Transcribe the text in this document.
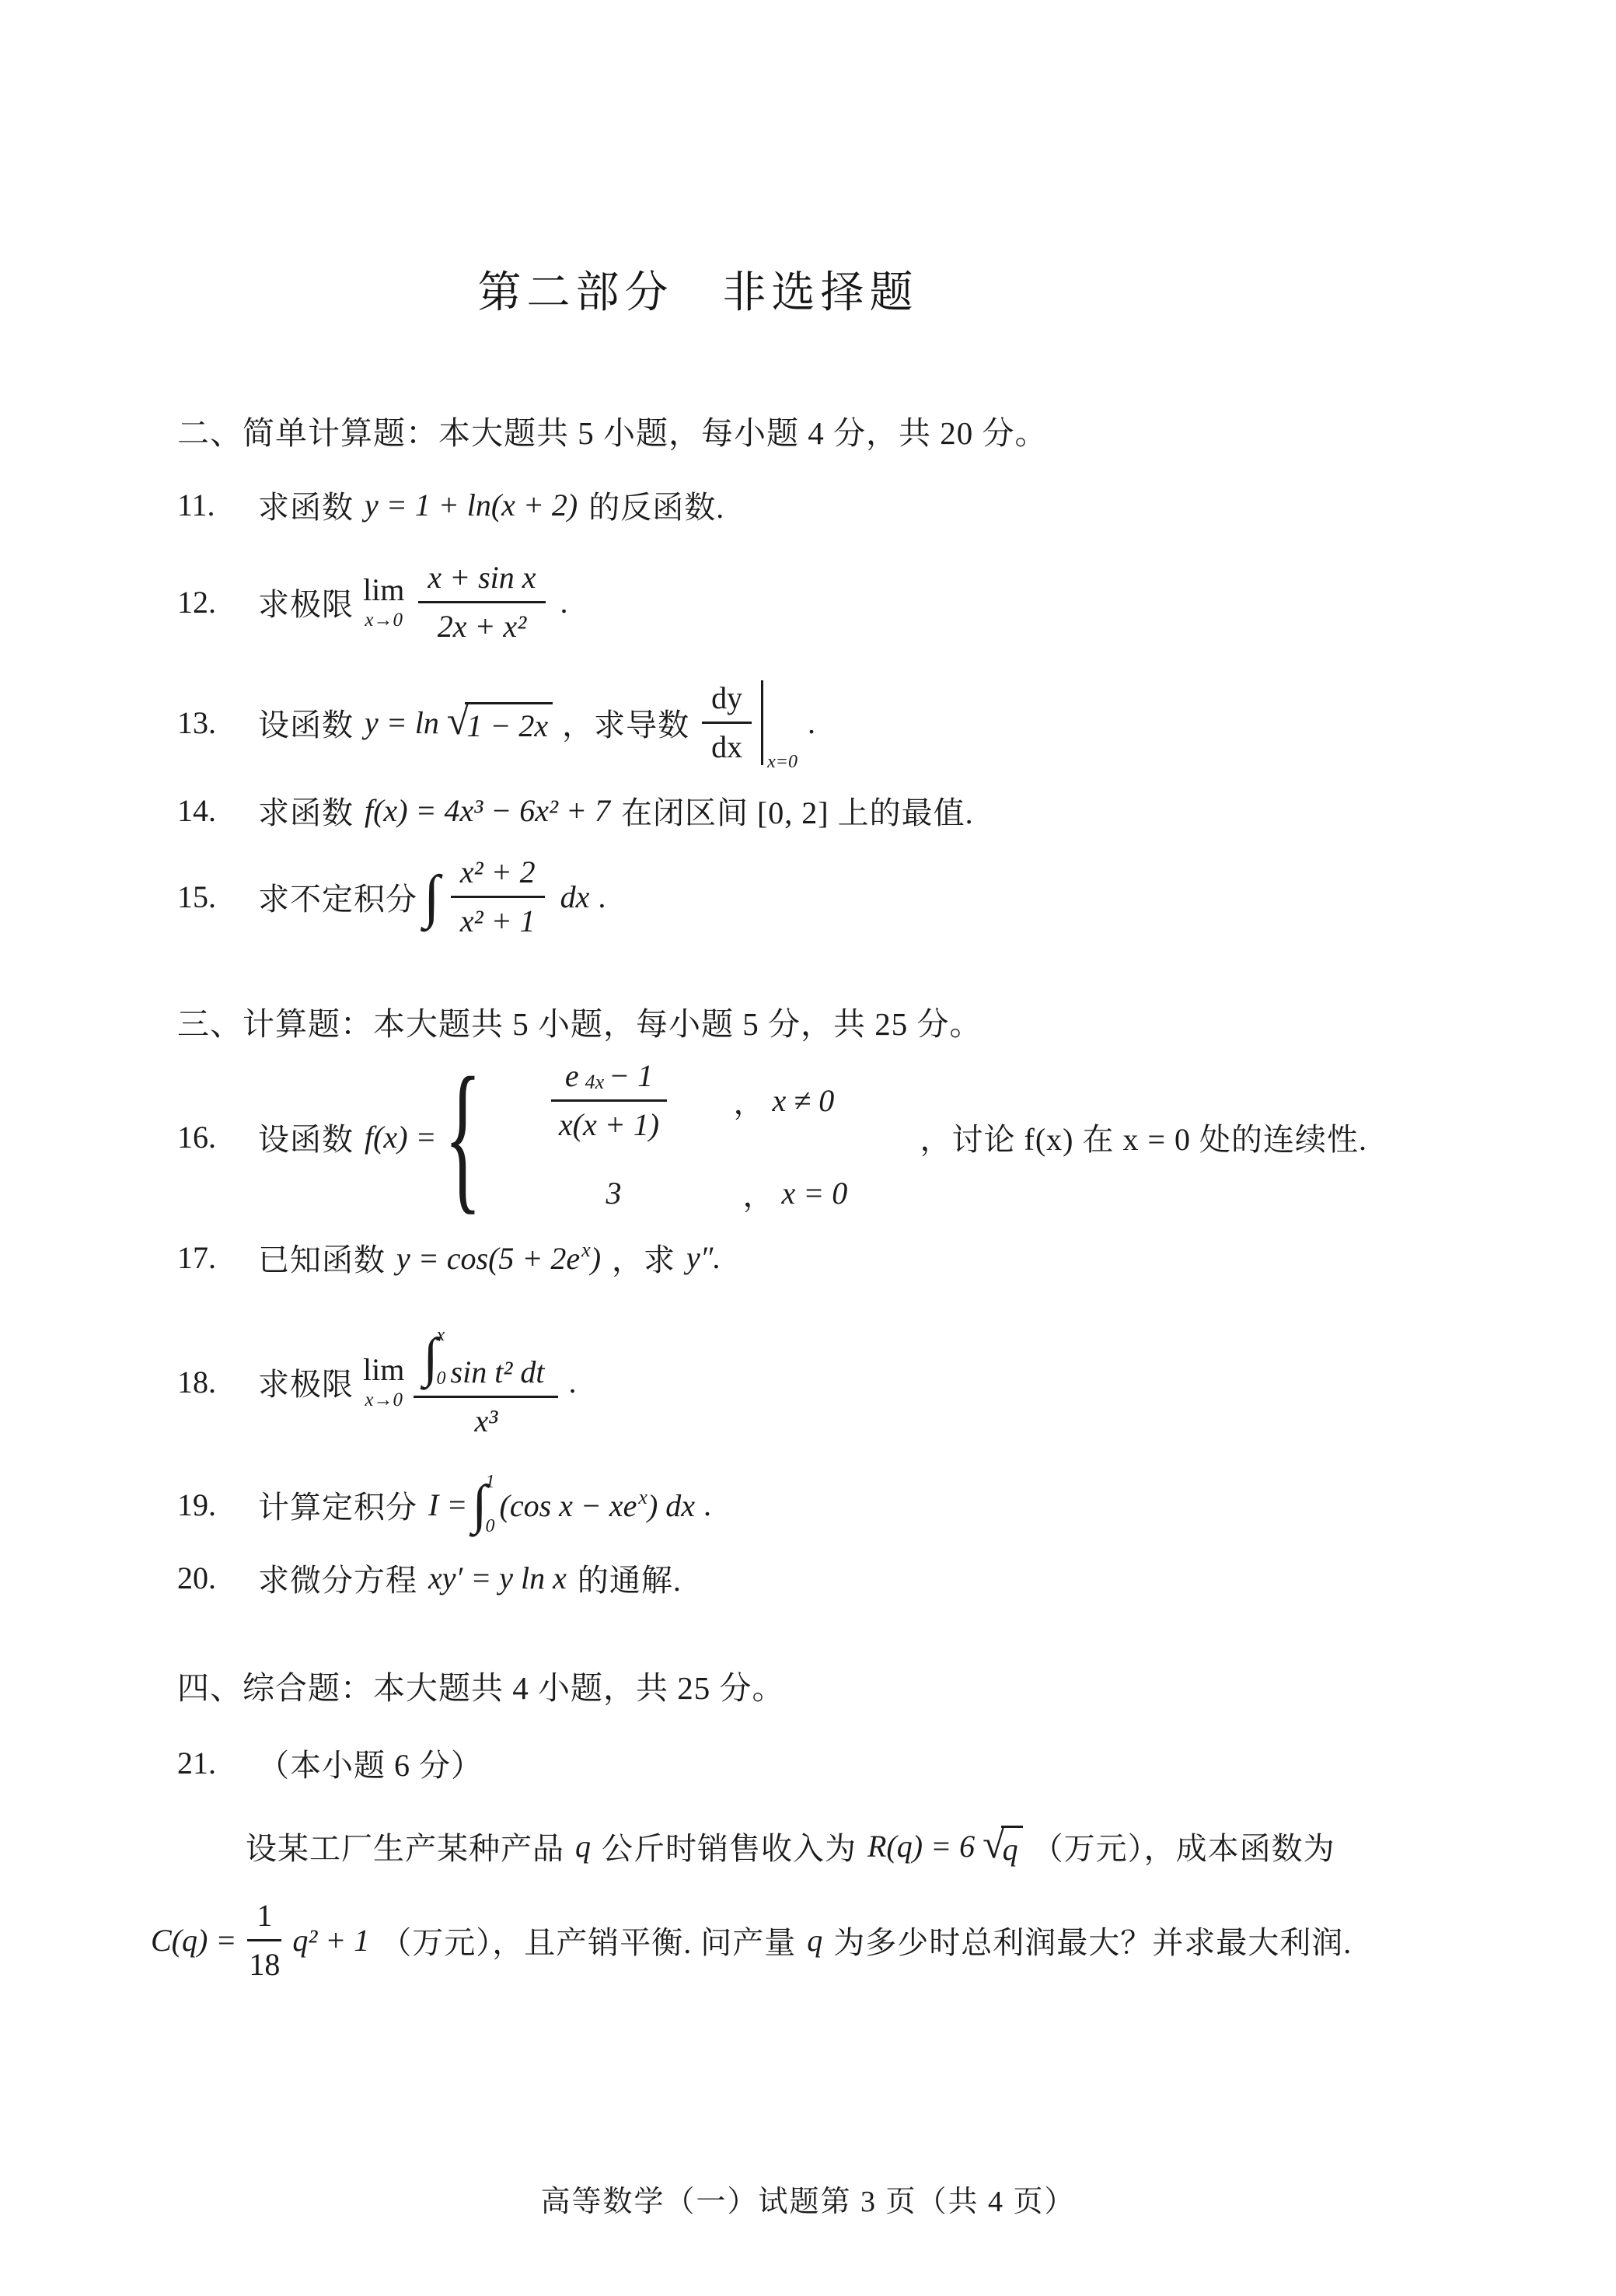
第二部分　非选择题
二、简单计算题：本大题共 5 小题，每小题 4 分，共 20 分。
11.	求函数 y = 1 + ln(x + 2) 的反函数.
12.	求极限 lim
$x\to 0 \frac{\text{x + sin x}}{\text{2x + x²}}$ .
13.	设函数 y = ln √
1 − 2x ，求导数 $\frac{dy}{dx} x=0$
.
14.	求函数 f(x) = 4x³ − 6x² + 7 在闭区间 [0, 2] 上的最值.
15.	求不定积分 ∫ $\frac{\text{x² + 2}}{\text{x² + 1}}$ dx .
三、计算题：本大题共 5 小题，每小题 5 分，共 25 分。
16.	设函数 f(x) = { $\frac{e 4x - 1}{x(x + 1)}$ ， x ≠ 0
3	， x = 0
，讨论 f(x) 在 x = 0 处的连续性.
17.	已知函数 $y = \cos(5 + 2e^x)$ ，求 y″.
18.	求极限 lim
x→0
∫
x
0 sin t² dt
x³
.
19.	计算定积分 I = ∫
1
0
(cos $x - xe^x$) dx .
20.	求微分方程 xy′ = y ln x 的通解.
四、综合题：本大题共 4 小题，共 25 分。
21.	（本小题 6 分）
设某工厂生产某种产品 q 公斤时销售收入为 R(q) = 6 √
q （万元），成本函数为
$C(q) = \frac{1}{18} q^2 + 1$ （万元），且产销平衡. 问产量 q 为多少时总利润最大？并求最大利润.
高等数学（一）试题第 3 页（共 4 页）
